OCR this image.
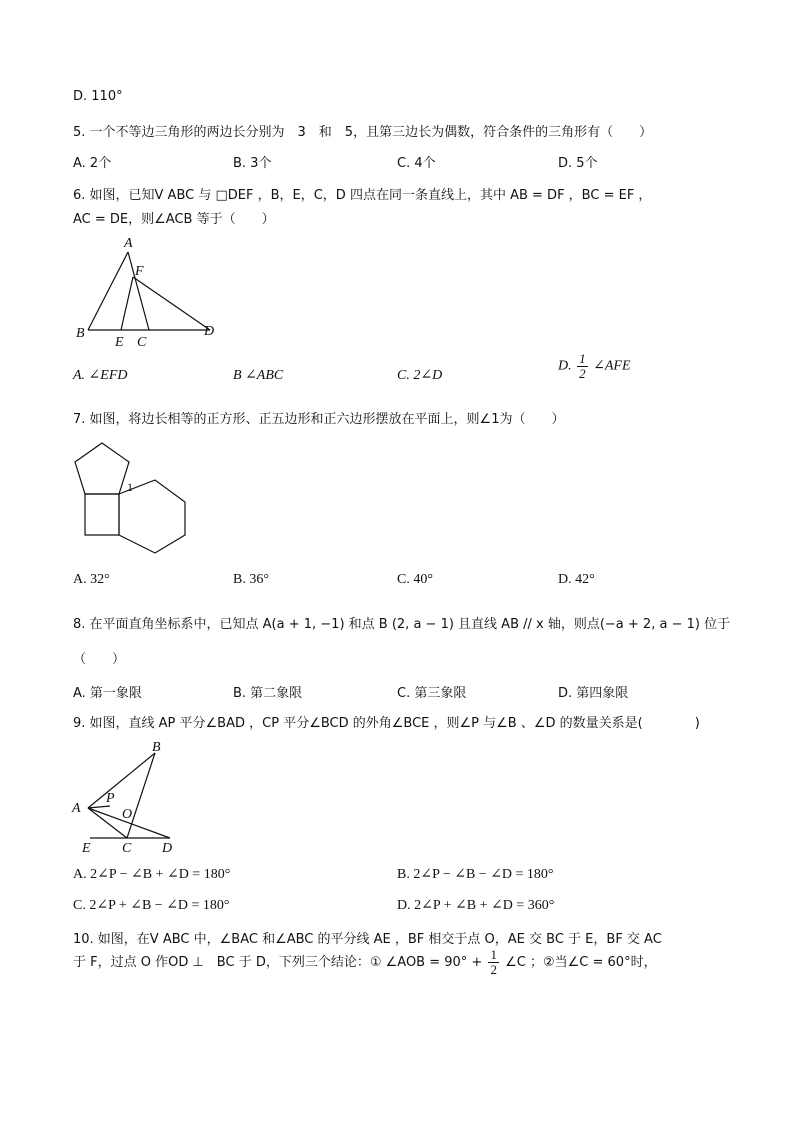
D. 110°
5. 一个不等边三角形的两边长分别为　3　和　5，且第三边长为偶数，符合条件的三角形有（　　）
A. 2个	B. 3个	C. 4个	D. 5个
6. 如图，已知V ABC 与 □DEF ，B，E，C，D 四点在同一条直线上，其中 AB = DF ，BC = EF ，
AC = DE，则∠ACB 等于（　　）
A
F
B
E C
D
A. ∠EFD	B ∠ABC	C. 2∠D
D. $\frac{1}{2}$ ∠AFE
7. 如图，将边长相等的正方形、正五边形和正六边形摆放在平面上，则∠1为（　　）
1
A. 32°	B. 36°	C. 40°	D. 42°
8. 在平面直角坐标系中，已知点 A(a + 1, −1) 和点 B (2, a − 1) 且直线 AB // x 轴，则点(−a + 2, a − 1) 位于
（　　）
A. 第一象限	B. 第二象限	C. 第三象限	D. 第四象限
9. 如图，直线 AP 平分∠BAD ，CP 平分∠BCD 的外角∠BCE ，则∠P 与∠B 、∠D 的数量关系是(　　　　)
B
A
P
O
E C D
A. 2∠P − ∠B + ∠D = 180°	B. 2∠P − ∠B − ∠D = 180°
C. 2∠P + ∠B − ∠D = 180°	D. 2∠P + ∠B + ∠D = 360°
10. 如图，在V ABC 中，∠BAC 和∠ABC 的平分线 AE ，BF 相交于点 O，AE 交 BC 于 E，BF 交 AC
于 F，过点 O 作OD ⊥　BC 于 D，下列三个结论：① ∠AOB = $90^\circ + \frac{1}{2}$ ∠C ；②当∠C = 60°时，
